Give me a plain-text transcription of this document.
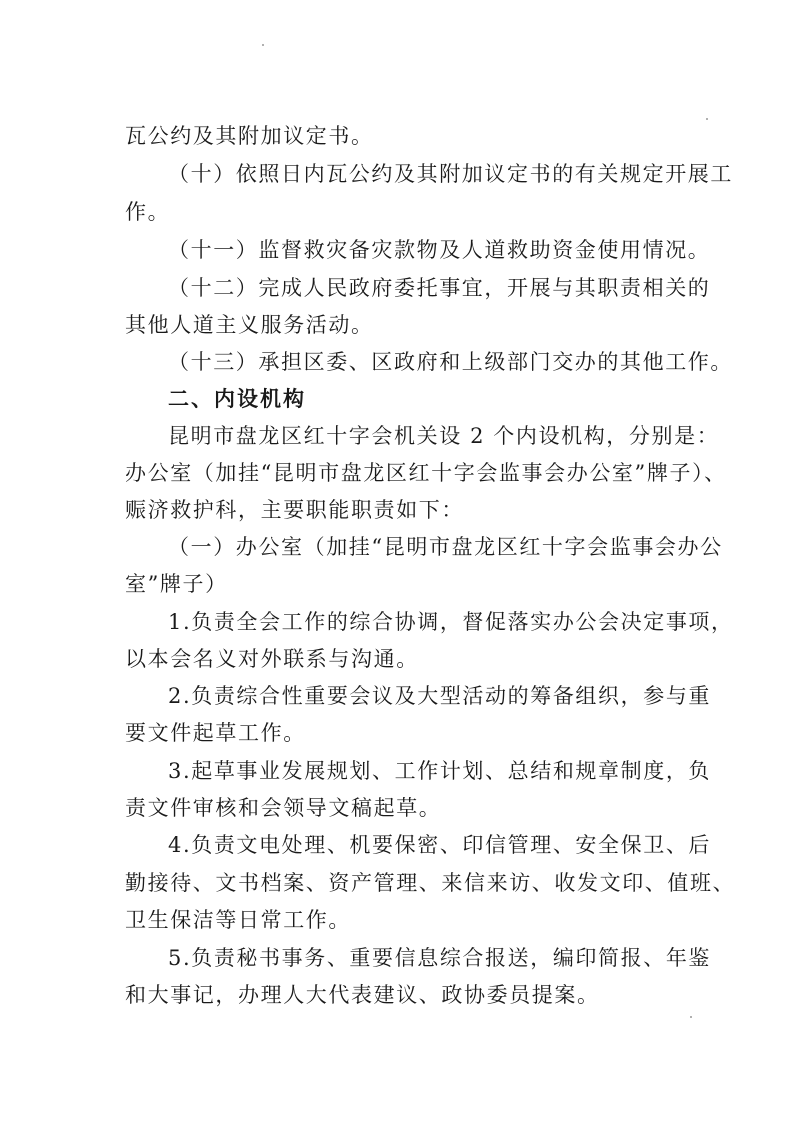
瓦公约及其附加议定书。
（十）依照日内瓦公约及其附加议定书的有关规定开展工
作。
（十一）监督救灾备灾款物及人道救助资金使用情况。
（十二）完成人民政府委托事宜，开展与其职责相关的
其他人道主义服务活动。
（十三）承担区委、区政府和上级部门交办的其他工作。
二、内设机构
昆明市盘龙区红十字会机关设 2 个内设机构，分别是：
办公室（加挂“昆明市盘龙区红十字会监事会办公室”牌子）、
赈济救护科，主要职能职责如下：
（一）办公室（加挂“昆明市盘龙区红十字会监事会办公
室”牌子）
1.负责全会工作的综合协调，督促落实办公会决定事项，
以本会名义对外联系与沟通。
2.负责综合性重要会议及大型活动的筹备组织，参与重
要文件起草工作。
3.起草事业发展规划、工作计划、总结和规章制度，负
责文件审核和会领导文稿起草。
4.负责文电处理、机要保密、印信管理、安全保卫、后
勤接待、文书档案、资产管理、来信来访、收发文印、值班、
卫生保洁等日常工作。
5.负责秘书事务、重要信息综合报送，编印简报、年鉴
和大事记，办理人大代表建议、政协委员提案。
